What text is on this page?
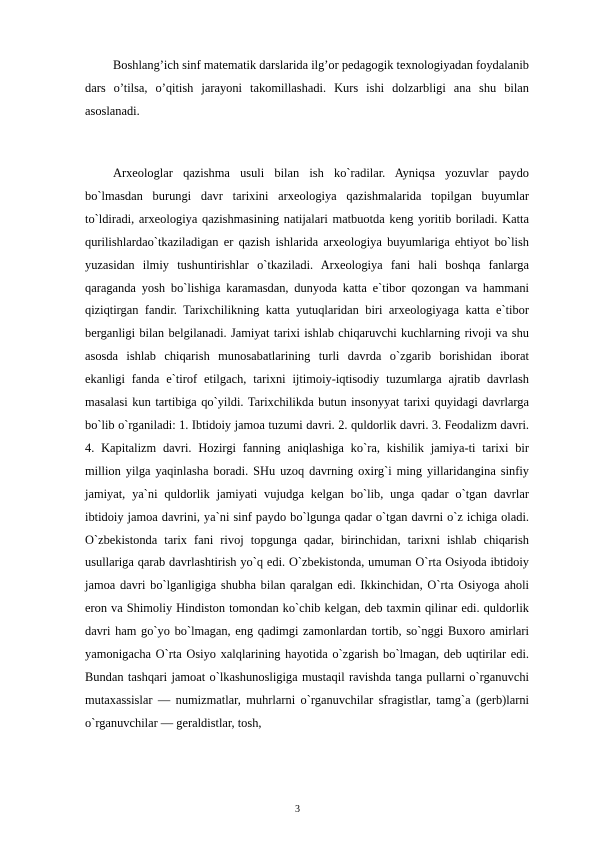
Boshlang’ich sinf matematik darslarida ilg’or pedagogik texnologiyadan foydalanib dars o’tilsa, o’qitish jarayoni takomillashadi. Kurs ishi dolzarbligi ana shu bilan asoslanadi.

Arxeologlar qazishma usuli bilan ish ko`radilar. Ayniqsa yozuvlar paydo bo`lmasdan burungi davr tarixini arxeologiya qazishmalarida topilgan buyumlar to`ldiradi, arxeologiya qazishmasining natijalari matbuotda keng yoritib boriladi. Katta qurilishlardao`tkaziladigan er qazish ishlarida arxeologiya buyumlariga ehtiyot bo`lish yuzasidan ilmiy tushuntirishlar o`tkaziladi. Arxeologiya fani hali boshqa fanlarga qaraganda yosh bo`lishiga karamasdan, dunyoda katta e`tibor qozongan va hammani qiziqtirgan fandir. Tarixchilikning katta yutuqlaridan biri arxeologiyaga katta e`tibor berganligi bilan belgilanadi. Jamiyat tarixi ishlab chiqaruvchi kuchlarning rivoji va shu asosda ishlab chiqarish munosabatlarining turli davrda o`zgarib borishidan iborat ekanligi fanda e`tirof etilgach, tarixni ijtimoiy-iqtisodiy tuzumlarga ajratib davrlash masalasi kun tartibiga qo`yildi. Tarixchilikda butun insonyyat tarixi quyidagi davrlarga bo`lib o`rganiladi: 1. Ibtidoiy jamoa tuzumi davri. 2. quldorlik davri. 3. Feodalizm davri. 4. Kapitalizm davri. Hozirgi fanning aniqlashiga ko`ra, kishilik jamiya-ti tarixi bir million yilga yaqinlasha boradi. SHu uzoq davrning oxirg`i ming yillaridangina sinfiy jamiyat, ya`ni quldorlik jamiyati vujudga kelgan bo`lib, unga qadar o`tgan davrlar ibtidoiy jamoa davrini, ya`ni sinf paydo bo`lgunga qadar o`tgan davrni o`z ichiga oladi. O`zbekistonda tarix fani rivoj topgunga qadar, birinchidan, tarixni ishlab chiqarish usullariga qarab davrlashtirish yo`q edi. O`zbekistonda, umuman O`rta Osiyoda ibtidoiy jamoa davri bo`lganligiga shubha bilan qaralgan edi. Ikkinchidan, O`rta Osiyoga aholi eron va Shimoliy Hindiston tomondan ko`chib kelgan, deb taxmin qilinar edi. quldorlik davri ham go`yo bo`lmagan, eng qadimgi zamonlardan tortib, so`nggi Buxoro amirlari yamonigacha O`rta Osiyo xalqlarining hayotida o`zgarish bo`lmagan, deb uqtirilar edi. Bundan tashqari jamoat o`lkashunosligiga mustaqil ravishda tanga pullarni o`rganuvchi mutaxassislar — numizmatlar, muhrlarni o`rganuvchilar sfragistlar, tamg`a (gerb)larni o`rganuvchilar — geraldistlar, tosh,

3
